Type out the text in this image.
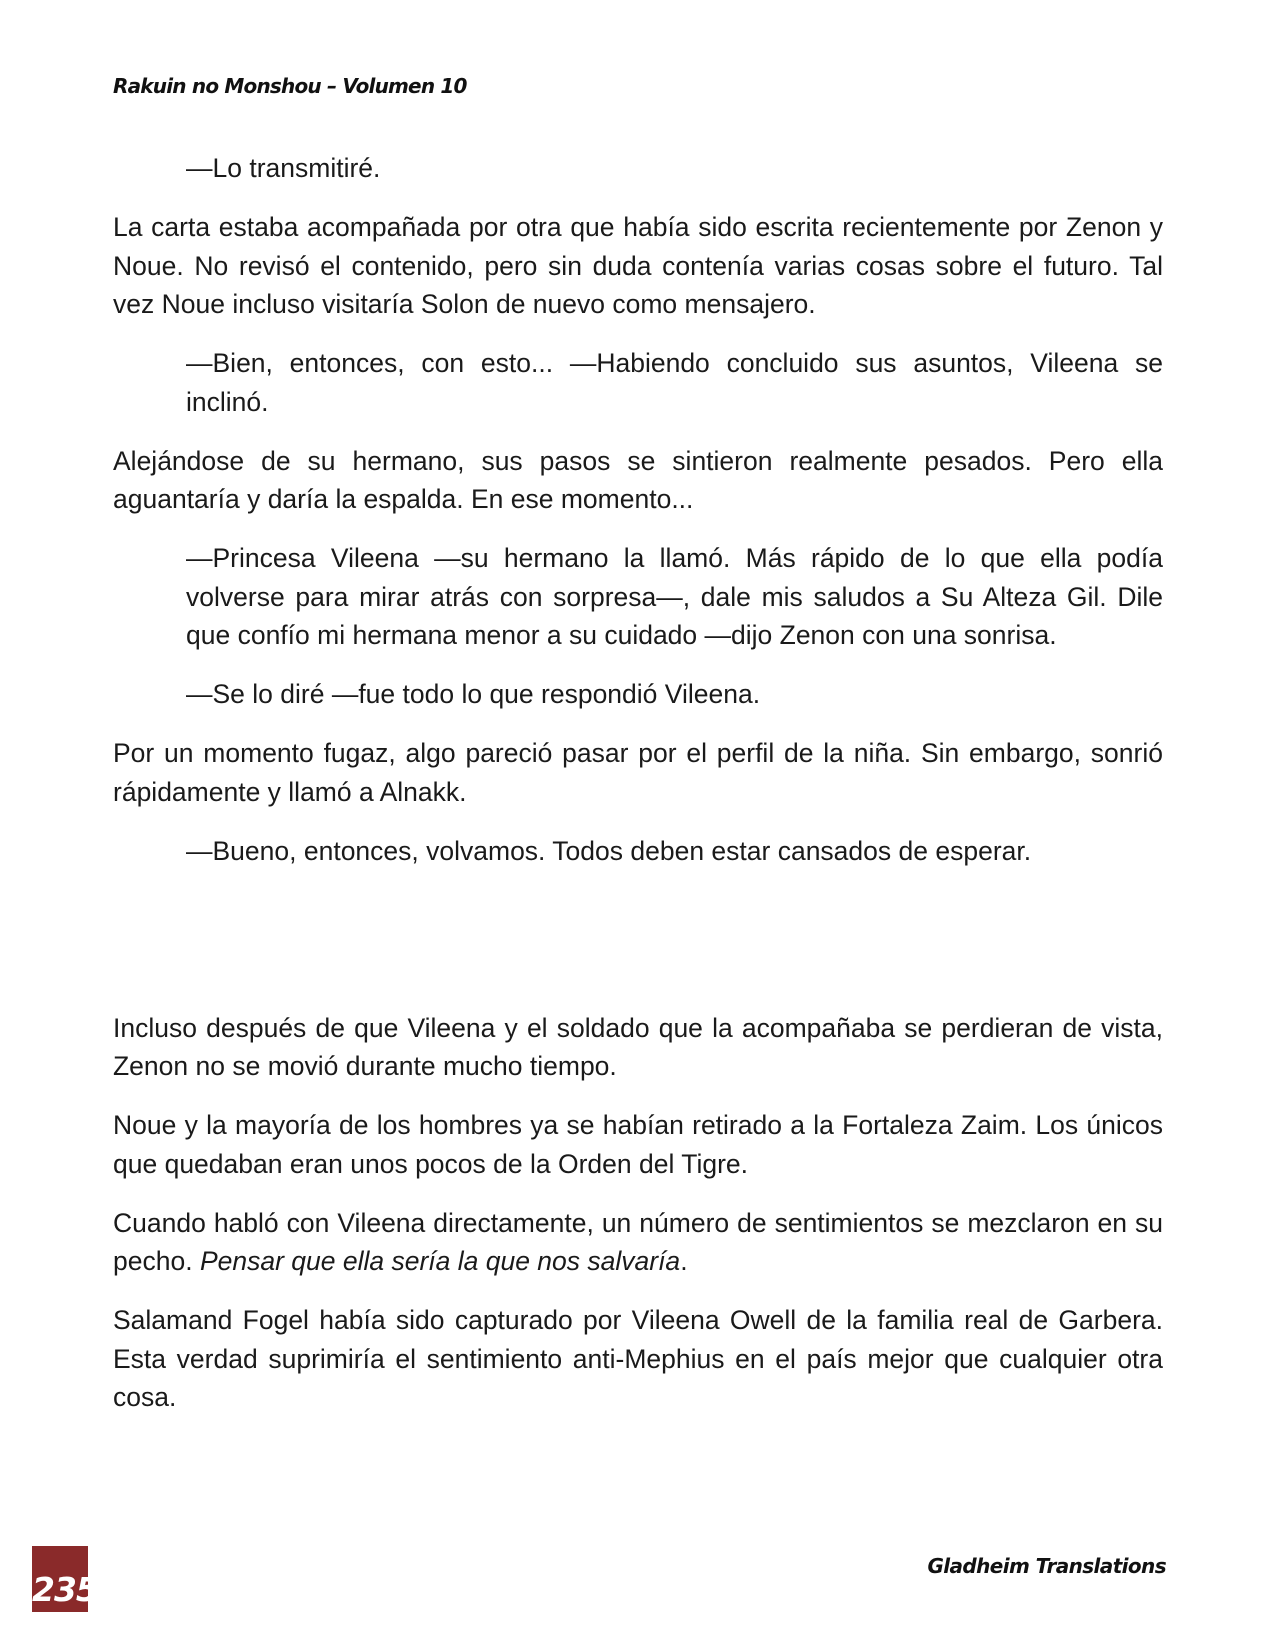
Rakuin no Monshou – Volumen 10

—Lo transmitiré.

La carta estaba acompañada por otra que había sido escrita recientemente por Zenon y Noue. No revisó el contenido, pero sin duda contenía varias cosas sobre el futuro. Tal vez Noue incluso visitaría Solon de nuevo como mensajero.

—Bien, entonces, con esto... —Habiendo concluido sus asuntos, Vileena se inclinó.

Alejándose de su hermano, sus pasos se sintieron realmente pesados. Pero ella aguantaría y daría la espalda. En ese momento...

—Princesa Vileena —su hermano la llamó. Más rápido de lo que ella podía volverse para mirar atrás con sorpresa—, dale mis saludos a Su Alteza Gil. Dile que confío mi hermana menor a su cuidado —dijo Zenon con una sonrisa.

—Se lo diré —fue todo lo que respondió Vileena.

Por un momento fugaz, algo pareció pasar por el perfil de la niña. Sin embargo, sonrió rápidamente y llamó a Alnakk.

—Bueno, entonces, volvamos. Todos deben estar cansados de esperar.

Incluso después de que Vileena y el soldado que la acompañaba se perdieran de vista, Zenon no se movió durante mucho tiempo.

Noue y la mayoría de los hombres ya se habían retirado a la Fortaleza Zaim. Los únicos que quedaban eran unos pocos de la Orden del Tigre.

Cuando habló con Vileena directamente, un número de sentimientos se mezclaron en su pecho. Pensar que ella sería la que nos salvaría.

Salamand Fogel había sido capturado por Vileena Owell de la familia real de Garbera. Esta verdad suprimiría el sentimiento anti-Mephius en el país mejor que cualquier otra cosa.

235
Gladheim Translations
